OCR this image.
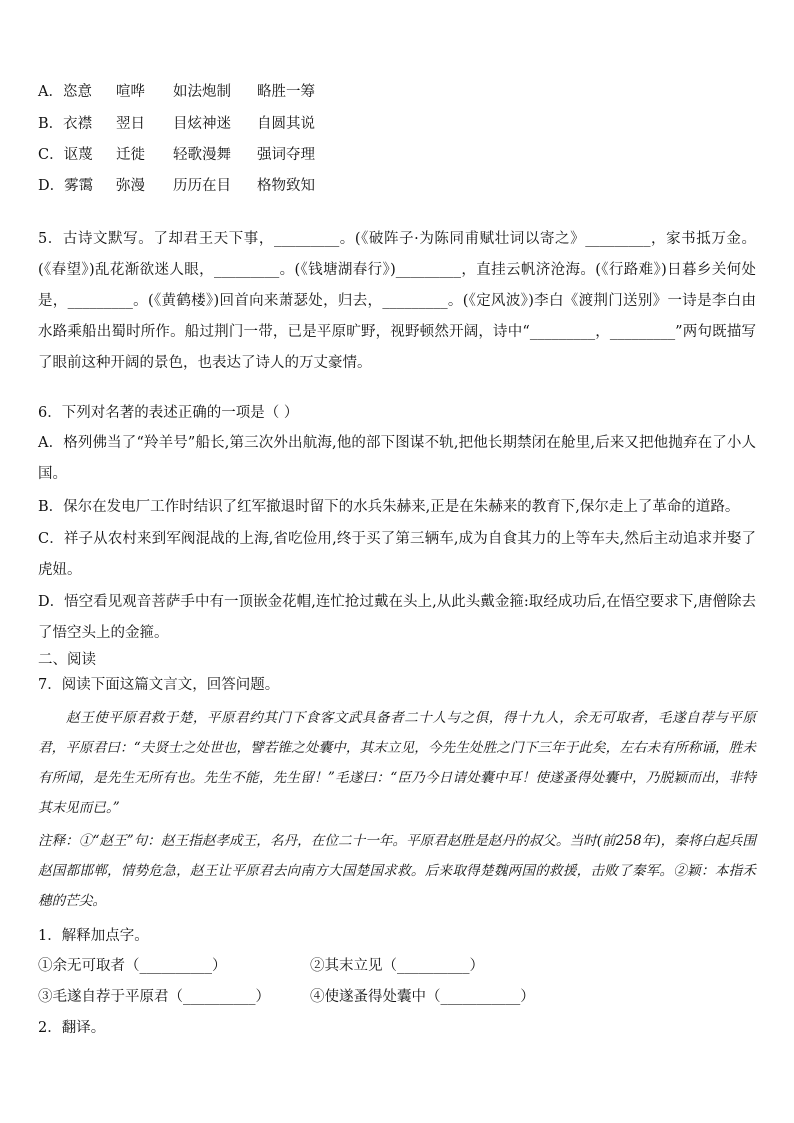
A．恣意 喧哗 如法炮制 略胜一筹
B．衣襟 翌日 目炫神迷 自圆其说
C．讴蔑 迁徙 轻歌漫舞 强词夺理
D．雾霭 弥漫 历历在目 格物致知
5．古诗文默写。了却君王天下事，_________。(《破阵子·为陈同甫赋壮词以寄之》_________，家书抵万金。(《春望》)乱花渐欲迷人眼，_________。(《钱塘湖春行》)_________，直挂云帆济沧海。(《行路难》)日暮乡关何处是，_________。(《黄鹤楼》)回首向来萧瑟处，归去，_________。(《定风波》)李白《渡荆门送别》一诗是李白由水路乘船出蜀时所作。船过荆门一带，已是平原旷野，视野顿然开阔，诗中“_________，_________”两句既描写了眼前这种开阔的景色，也表达了诗人的万丈豪情。
6．下列对名著的表述正确的一项是（ ）
A．格列佛当了“羚羊号”船长,第三次外出航海,他的部下图谋不轨,把他长期禁闭在舱里,后来又把他抛弃在了小人国。
B．保尔在发电厂工作时结识了红军撤退时留下的水兵朱赫来,正是在朱赫来的教育下,保尔走上了革命的道路。
C．祥子从农村来到军阀混战的上海,省吃俭用,终于买了第三辆车,成为自食其力的上等车夫,然后主动追求并娶了虎妞。
D．悟空看见观音菩萨手中有一顶嵌金花帽,连忙抢过戴在头上,从此头戴金箍:取经成功后,在悟空要求下,唐僧除去了悟空头上的金箍。
二、阅读
7．阅读下面这篇文言文，回答问题。
赵王使平原君救于楚，平原君约其门下食客文武具备者二十人与之俱，得十九人，余无可取者，毛遂自荐与平原君，平原君曰：“夫贤士之处世也，譬若锥之处囊中，其末立见，今先生处胜之门下三年于此矣，左右未有所称诵，胜未有所闻，是先生无所有也。先生不能，先生留！”毛遂曰：“臣乃今日请处囊中耳！使遂蚤得处囊中，乃脱颖而出，非特其末见而已。”
注释：①“赵王”句：赵王指赵孝成王，名丹，在位二十一年。平原君赵胜是赵丹的叔父。当时(前258年)，秦将白起兵围赵国都邯郸，情势危急，赵王让平原君去向南方大国楚国求救。后来取得楚魏两国的救援，击败了秦军。②颖：本指禾穗的芒尖。
1．解释加点字。
①余无可取者（__________）	②其末立见（__________）
③毛遂自荐于平原君（__________）	④使遂蚤得处囊中（___________）
2．翻译。
